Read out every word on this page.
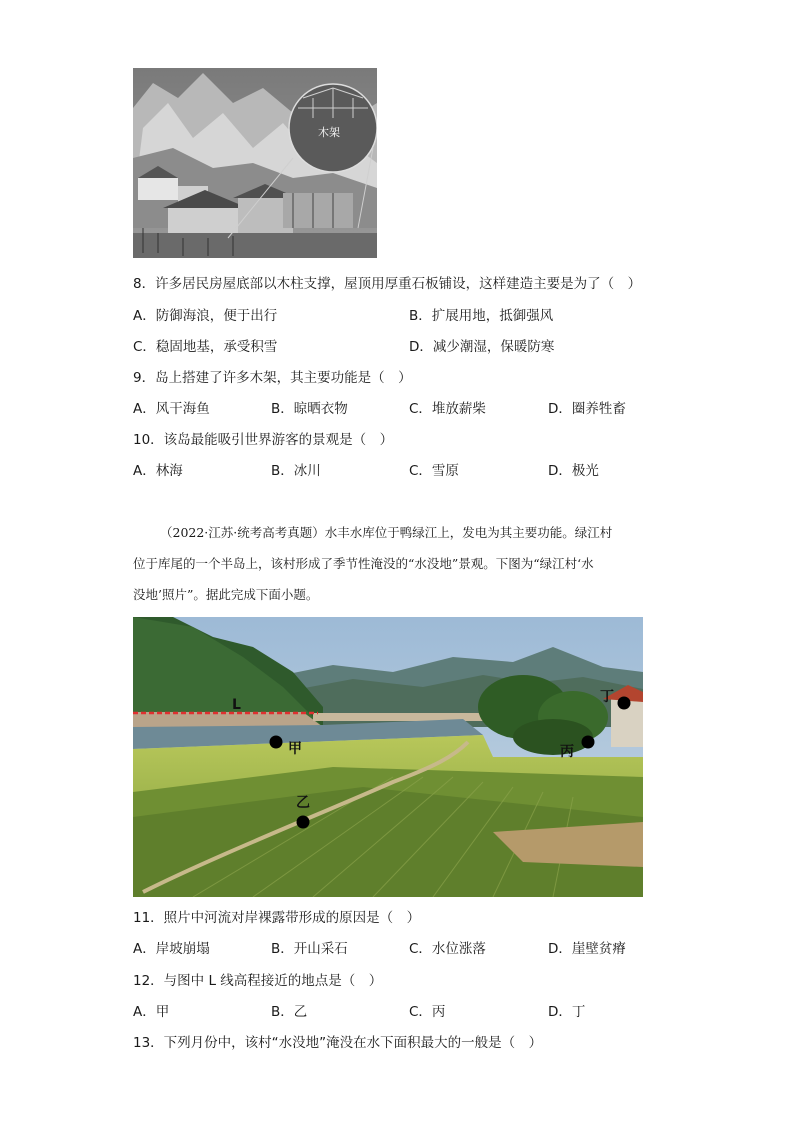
木架
8．许多居民房屋底部以木柱支撑，屋顶用厚重石板铺设，这样建造主要是为了（　）
A．防御海浪，便于出行	B．扩展用地，抵御强风
C．稳固地基，承受积雪	D．减少潮湿，保暖防寒
9．岛上搭建了许多木架，其主要功能是（　）
A．风干海鱼	B．晾晒衣物	C．堆放薪柴	D．圈养牲畜
10．该岛最能吸引世界游客的景观是（　）
A．林海	B．冰川	C．雪原	D．极光
（2022·江苏·统考高考真题）水丰水库位于鸭绿江上，发电为其主要功能。绿江村
位于库尾的一个半岛上，该村形成了季节性淹没的“水没地”景观。下图为“绿江村‘水
没地’照片”。据此完成下面小题。
L
甲
乙
丙
丁
11．照片中河流对岸裸露带形成的原因是（　）
A．岸坡崩塌	B．开山采石	C．水位涨落	D．崖壁贫瘠
12．与图中 L 线高程接近的地点是（　）
A．甲	B．乙	C．丙	D．丁
13．下列月份中，该村“水没地”淹没在水下面积最大的一般是（　）
